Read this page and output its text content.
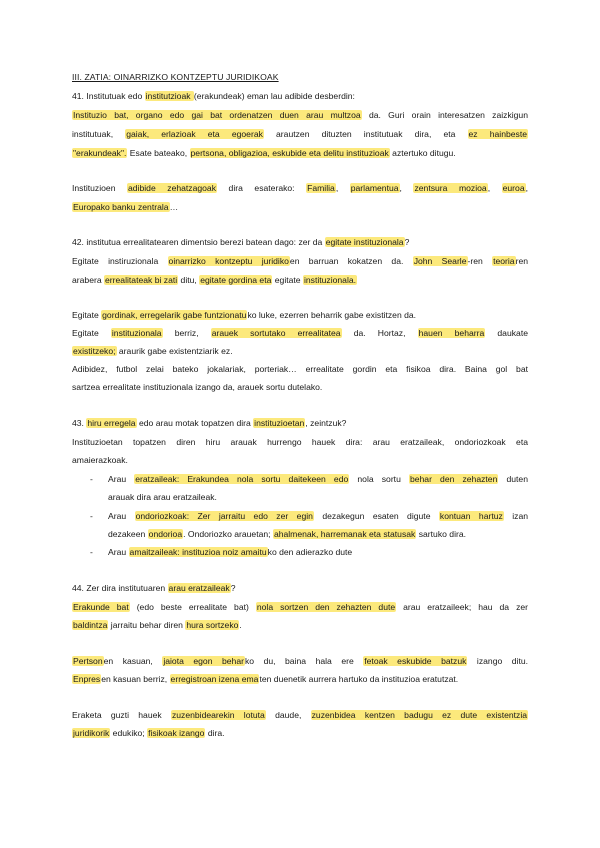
III. ZATIA: OINARRIZKO KONTZEPTU JURIDIKOAK
41. Institutuak edo institutzioak (erakundeak) eman lau adibide desberdin:
Instituzio bat, organo edo gai bat ordenatzen duen arau multzoa da. Guri orain interesatzen zaizkigun
institutuak, gaiak, erlazioak eta egoerak arautzen dituzten institutuak dira, eta ez hainbeste
"erakundeak". Esate bateako, pertsona, obligazioa, eskubide eta delitu instituzioak aztertuko ditugu.
Instituzioen adibide zehatzagoak dira esaterako: Familia, parlamentua, zentsura mozioa, euroa,
Europako banku zentrala…
42. institutua errealitatearen dimentsio berezi batean dago: zer da egitate instituzionala?
Egitate instiruzionala oinarrizko kontzeptu juridikoen barruan kokatzen da. John Searle-ren teoriaren
arabera errealitateak bi zati ditu, egitate gordina eta egitate instituzionala.
Egitate gordinak, erregelarik gabe funtzionatuko luke, ezerren beharrik gabe existitzen da.
Egitate instituzionala berriz, arauek sortutako errealitatea da. Hortaz, hauen beharra daukate
existitzeko; araurik gabe existentziarik ez.
Adibidez, futbol zelai bateko jokalariak, porteriak… errealitate gordin eta fisikoa dira. Baina gol bat
sartzea errealitate instituzionala izango da, arauek sortu dutelako.
43. hiru erregela edo arau motak topatzen dira instituzioetan, zeintzuk?
Instituzioetan topatzen diren hiru arauak hurrengo hauek dira: arau eratzaileak, ondoriozkoak eta
amaierazkoak.
-	Arau eratzaileak: Erakundea nola sortu daitekeen edo nola sortu behar den zehazten duten
arauak dira arau eratzaileak.
-	Arau ondoriozkoak: Zer jarraitu edo zer egin dezakegun esaten digute kontuan hartuz izan
dezakeen ondorioa. Ondoriozko arauetan; ahalmenak, harremanak eta statusak sartuko dira.
-	Arau amaitzaileak: instituzioa noiz amaituko den adierazko dute
44. Zer dira institutuaren arau eratzaileak?
Erakunde bat (edo beste errealitate bat) nola sortzen den zehazten dute arau eratzaileek; hau da zer
baldintza jarraitu behar diren hura sortzeko.
Pertsonen kasuan, jaiota egon beharko du, baina hala ere fetoak eskubide batzuk izango ditu.
Enpresen kasuan berriz, erregistroan izena ematen duenetik aurrera hartuko da instituzioa eratutzat.
Eraketa guzti hauek zuzenbidearekin lotuta daude, zuzenbidea kentzen badugu ez dute existentzia
juridikorik edukiko; fisikoak izango dira.
